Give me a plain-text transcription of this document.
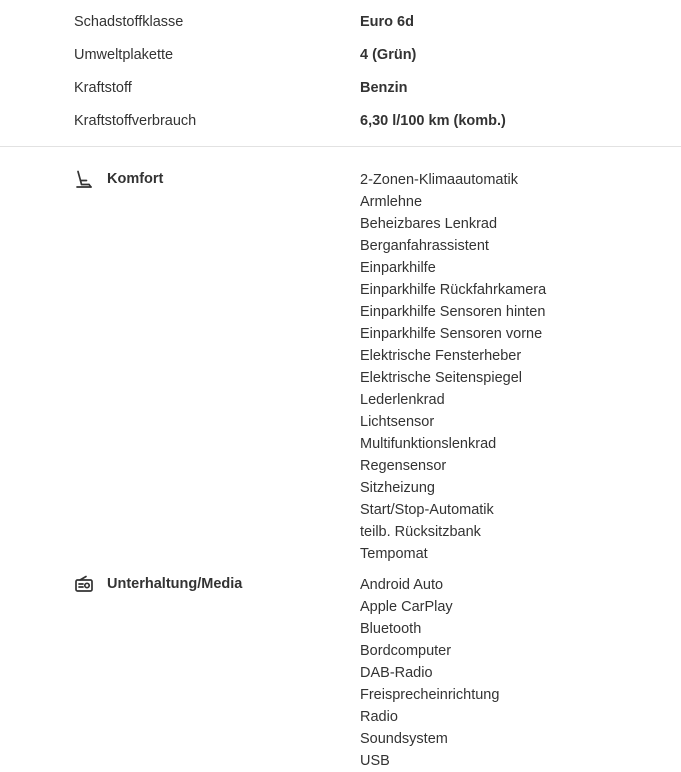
Schadstoffklasse	Euro 6d
Umweltplakette	4 (Grün)
Kraftstoff	Benzin
Kraftstoffverbrauch	6,30 l/100 km (komb.)
Komfort	2-Zonen-Klimaautomatik
Armlehne
Beheizbares Lenkrad
Berganfahrassistent
Einparkhilfe
Einparkhilfe Rückfahrkamera
Einparkhilfe Sensoren hinten
Einparkhilfe Sensoren vorne
Elektrische Fensterheber
Elektrische Seitenspiegel
Lederlenkrad
Lichtsensor
Multifunktionslenkrad
Regensensor
Sitzheizung
Start/Stop-Automatik
teilb. Rücksitzbank
Tempomat
Unterhaltung/Media	Android Auto
Apple CarPlay
Bluetooth
Bordcomputer
DAB-Radio
Freisprecheinrichtung
Radio
Soundsystem
USB
